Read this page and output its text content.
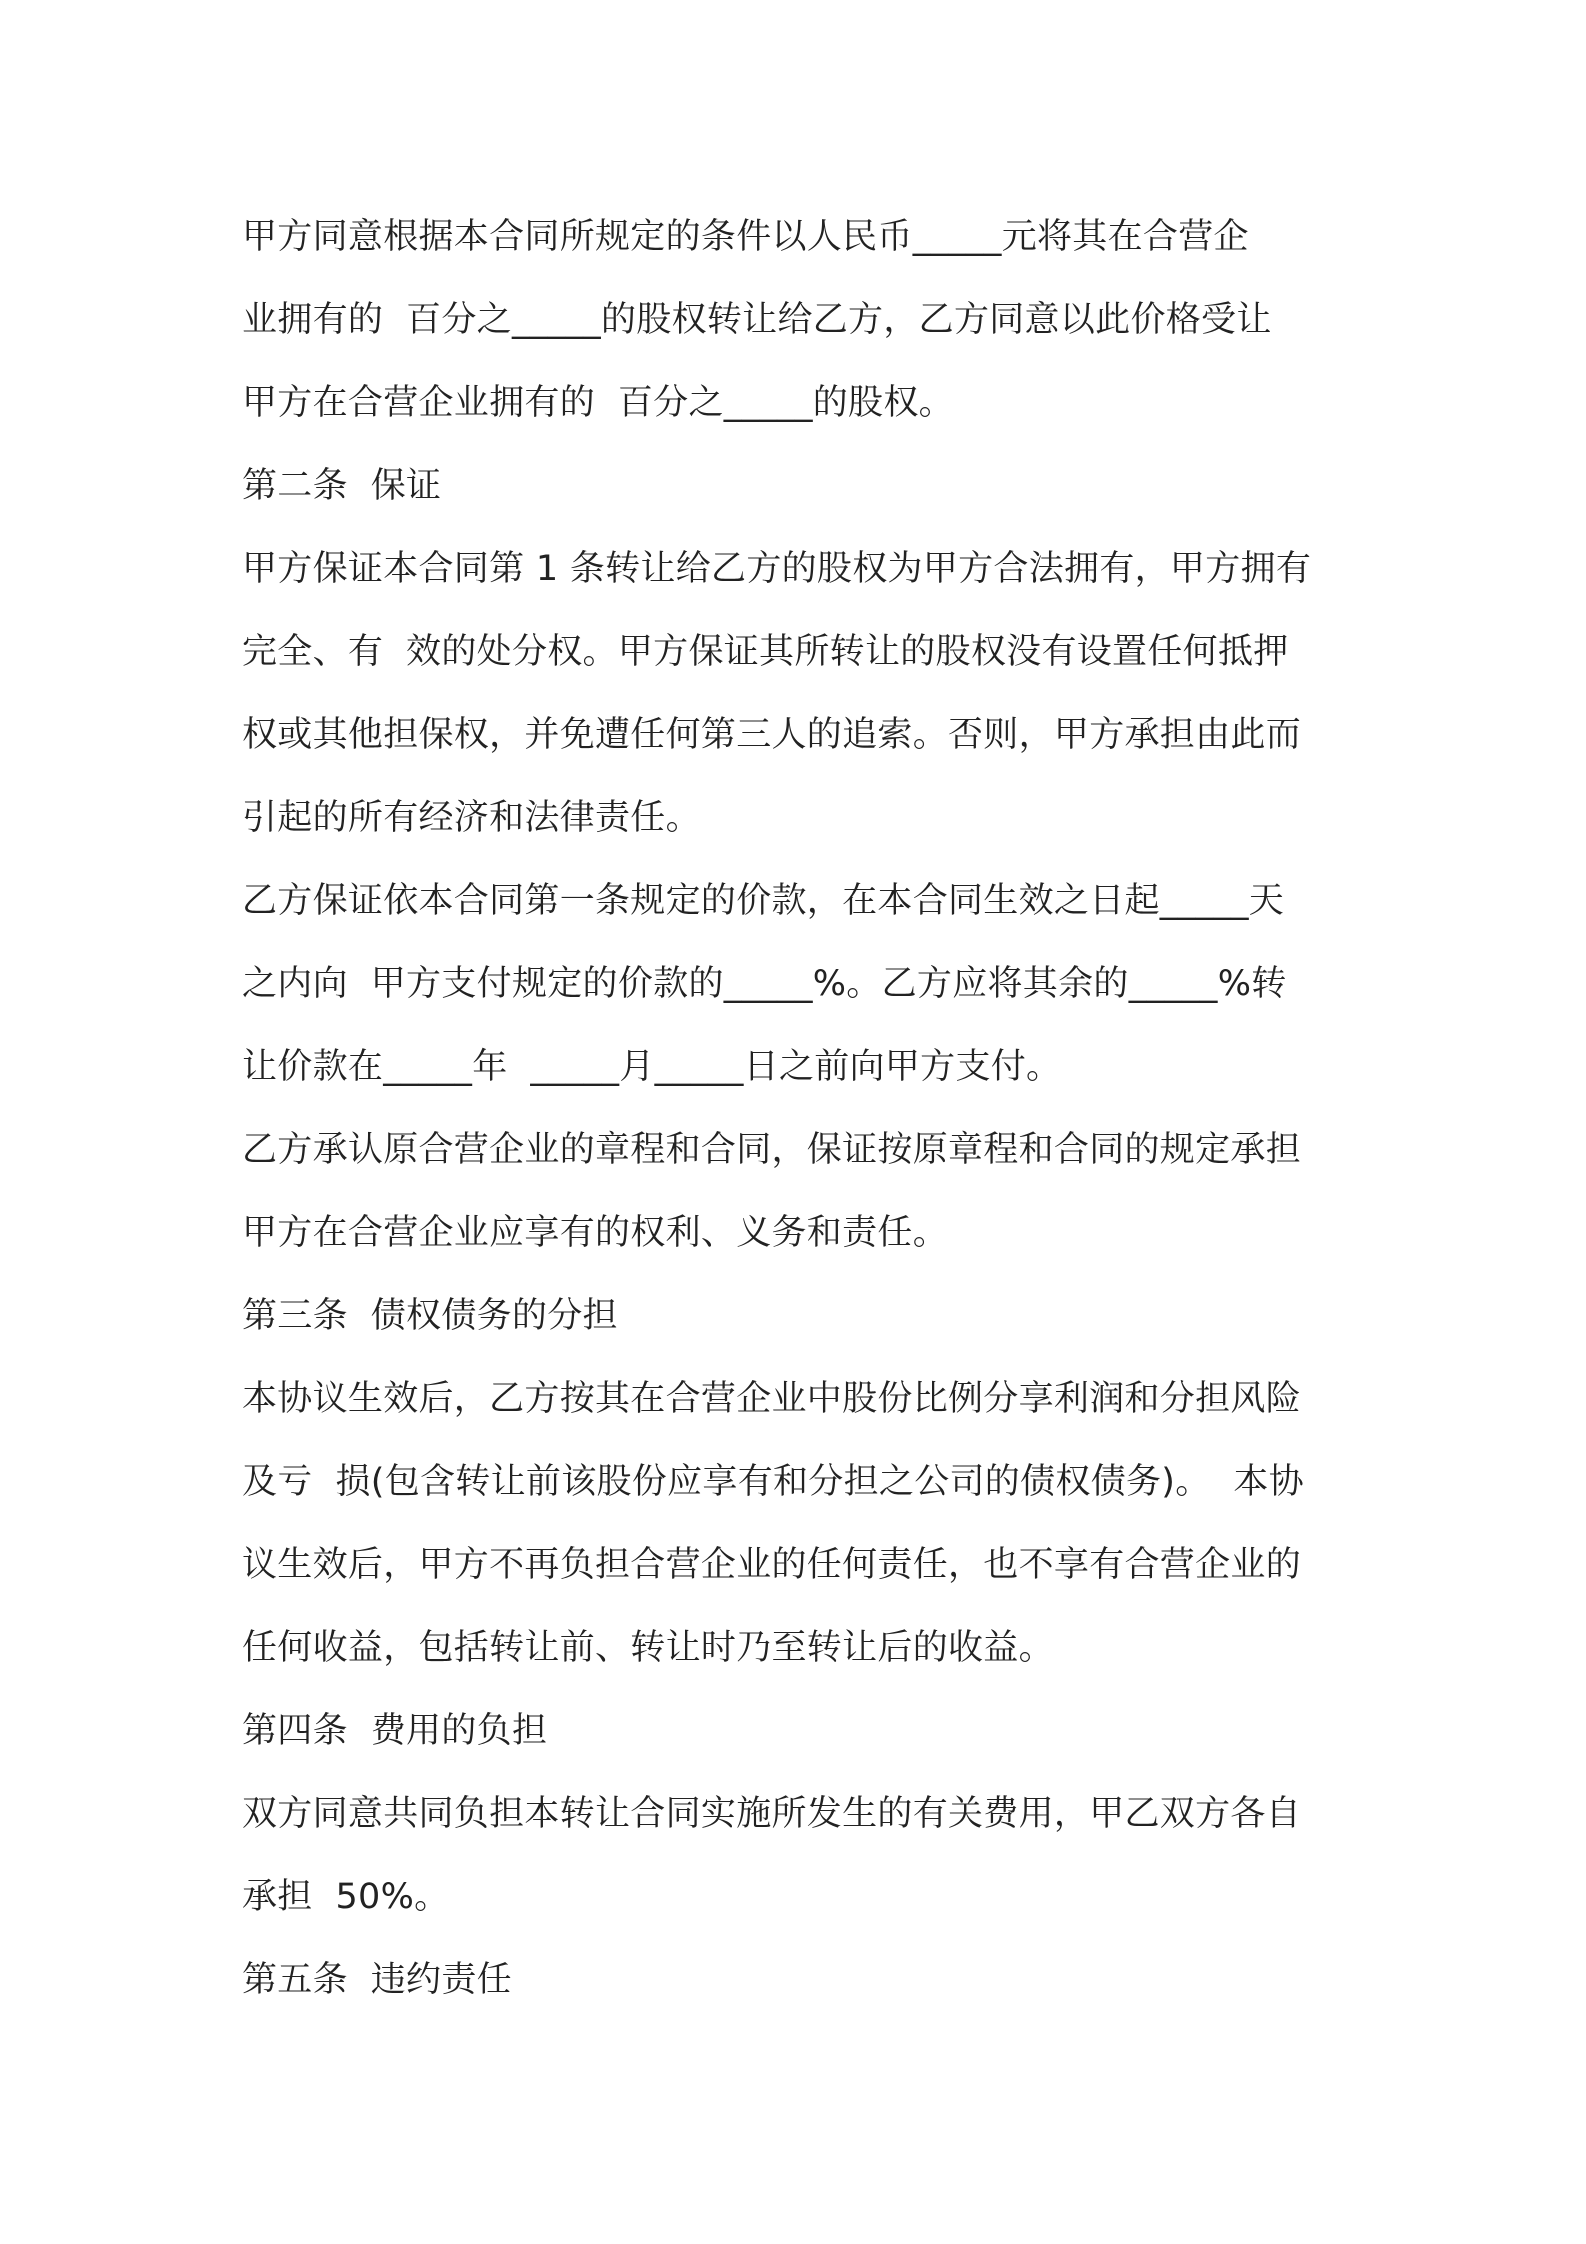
甲方同意根据本合同所规定的条件以人民币_____元将其在合营企
业拥有的  百分之_____的股权转让给乙方，乙方同意以此价格受让
甲方在合营企业拥有的  百分之_____的股权。
第二条  保证
甲方保证本合同第 1 条转让给乙方的股权为甲方合法拥有，甲方拥有
完全、有  效的处分权。甲方保证其所转让的股权没有设置任何抵押
权或其他担保权，并免遭任何第三人的追索。否则，甲方承担由此而
引起的所有经济和法律责任。
乙方保证依本合同第一条规定的价款，在本合同生效之日起_____天
之内向  甲方支付规定的价款的_____%。乙方应将其余的_____%转
让价款在_____年  _____月_____日之前向甲方支付。
乙方承认原合营企业的章程和合同，保证按原章程和合同的规定承担
甲方在合营企业应享有的权利、义务和责任。
第三条  债权债务的分担
本协议生效后，乙方按其在合营企业中股份比例分享利润和分担风险
及亏  损(包含转让前该股份应享有和分担之公司的债权债务)。  本协
议生效后，甲方不再负担合营企业的任何责任，也不享有合营企业的
任何收益，包括转让前、转让时乃至转让后的收益。
第四条  费用的负担
双方同意共同负担本转让合同实施所发生的有关费用，甲乙双方各自
承担  50%。
第五条  违约责任
